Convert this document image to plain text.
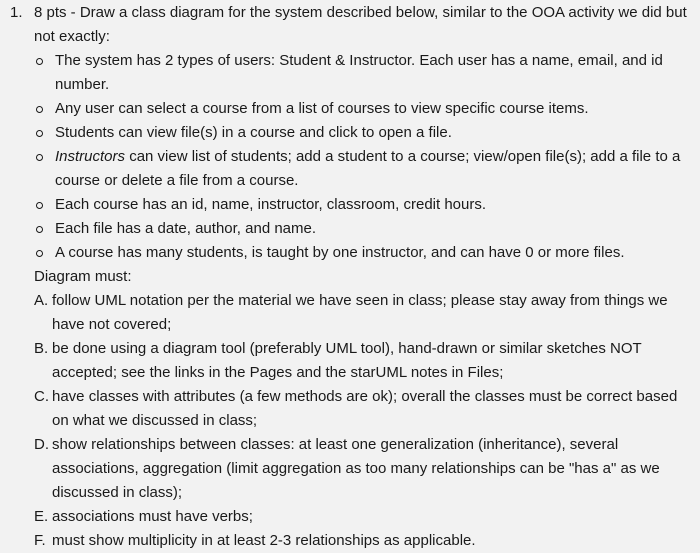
1. 8 pts - Draw a class diagram for the system described below, similar to the OOA activity we did but not exactly:
The system has 2 types of users: Student & Instructor. Each user has a name, email, and id number.
Any user can select a course from a list of courses to view specific course items.
Students can view file(s) in a course and click to open a file.
Instructors can view list of students; add a student to a course; view/open file(s); add a file to a course or delete a file from a course.
Each course has an id, name, instructor, classroom, credit hours.
Each file has a date, author, and name.
A course has many students, is taught by one instructor, and can have 0 or more files.
Diagram must:
A. follow UML notation per the material we have seen in class; please stay away from things we have not covered;
B. be done using a diagram tool (preferably UML tool), hand-drawn or similar sketches NOT accepted; see the links in the Pages and the starUML notes in Files;
C. have classes with attributes (a few methods are ok); overall the classes must be correct based on what we discussed in class;
D. show relationships between classes: at least one generalization (inheritance), several associations, aggregation (limit aggregation as too many relationships can be "has a" as we discussed in class);
E. associations must have verbs;
F. must show multiplicity in at least 2-3 relationships as applicable.
